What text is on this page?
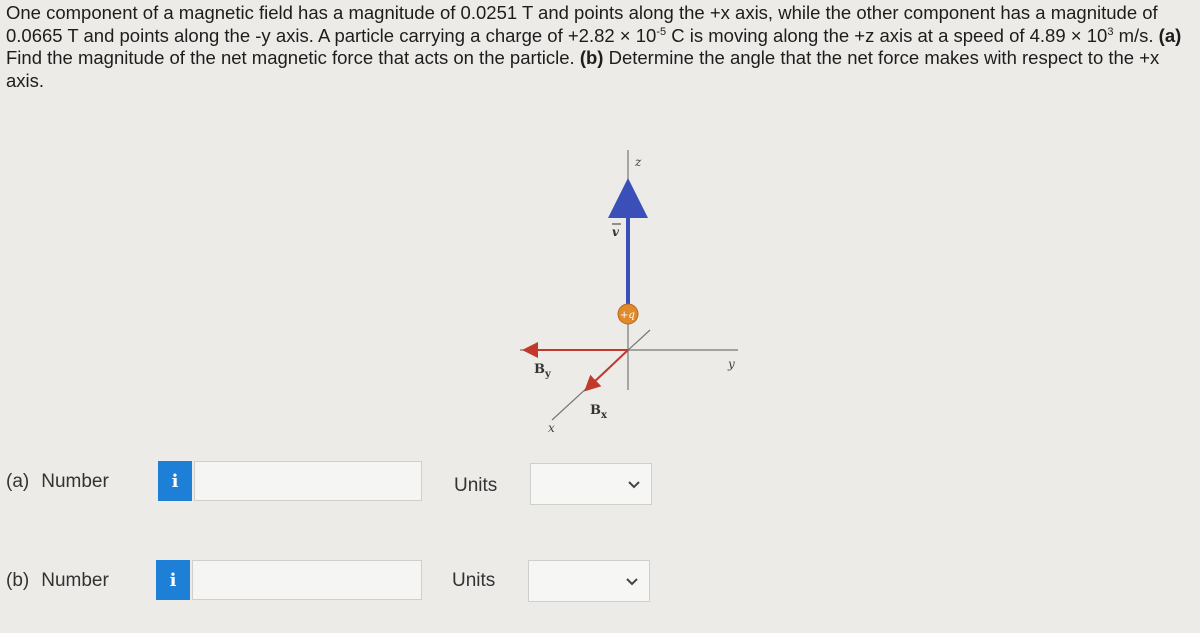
One component of a magnetic field has a magnitude of 0.0251 T and points along the +x axis, while the other component has a magnitude of 0.0665 T and points along the -y axis. A particle carrying a charge of $+2.82 \times 10^{-5}$ C is moving along the +z axis at a speed of $4.89 \times 10^3$ m/s. (a) Find the magnitude of the net magnetic force that acts on the particle. (b) Determine the angle that the net force makes with respect to the +x axis.
z
y
x
v
$B_y$
$B_x$
+q
(a) Number	i	Units
(b) Number	i	Units
